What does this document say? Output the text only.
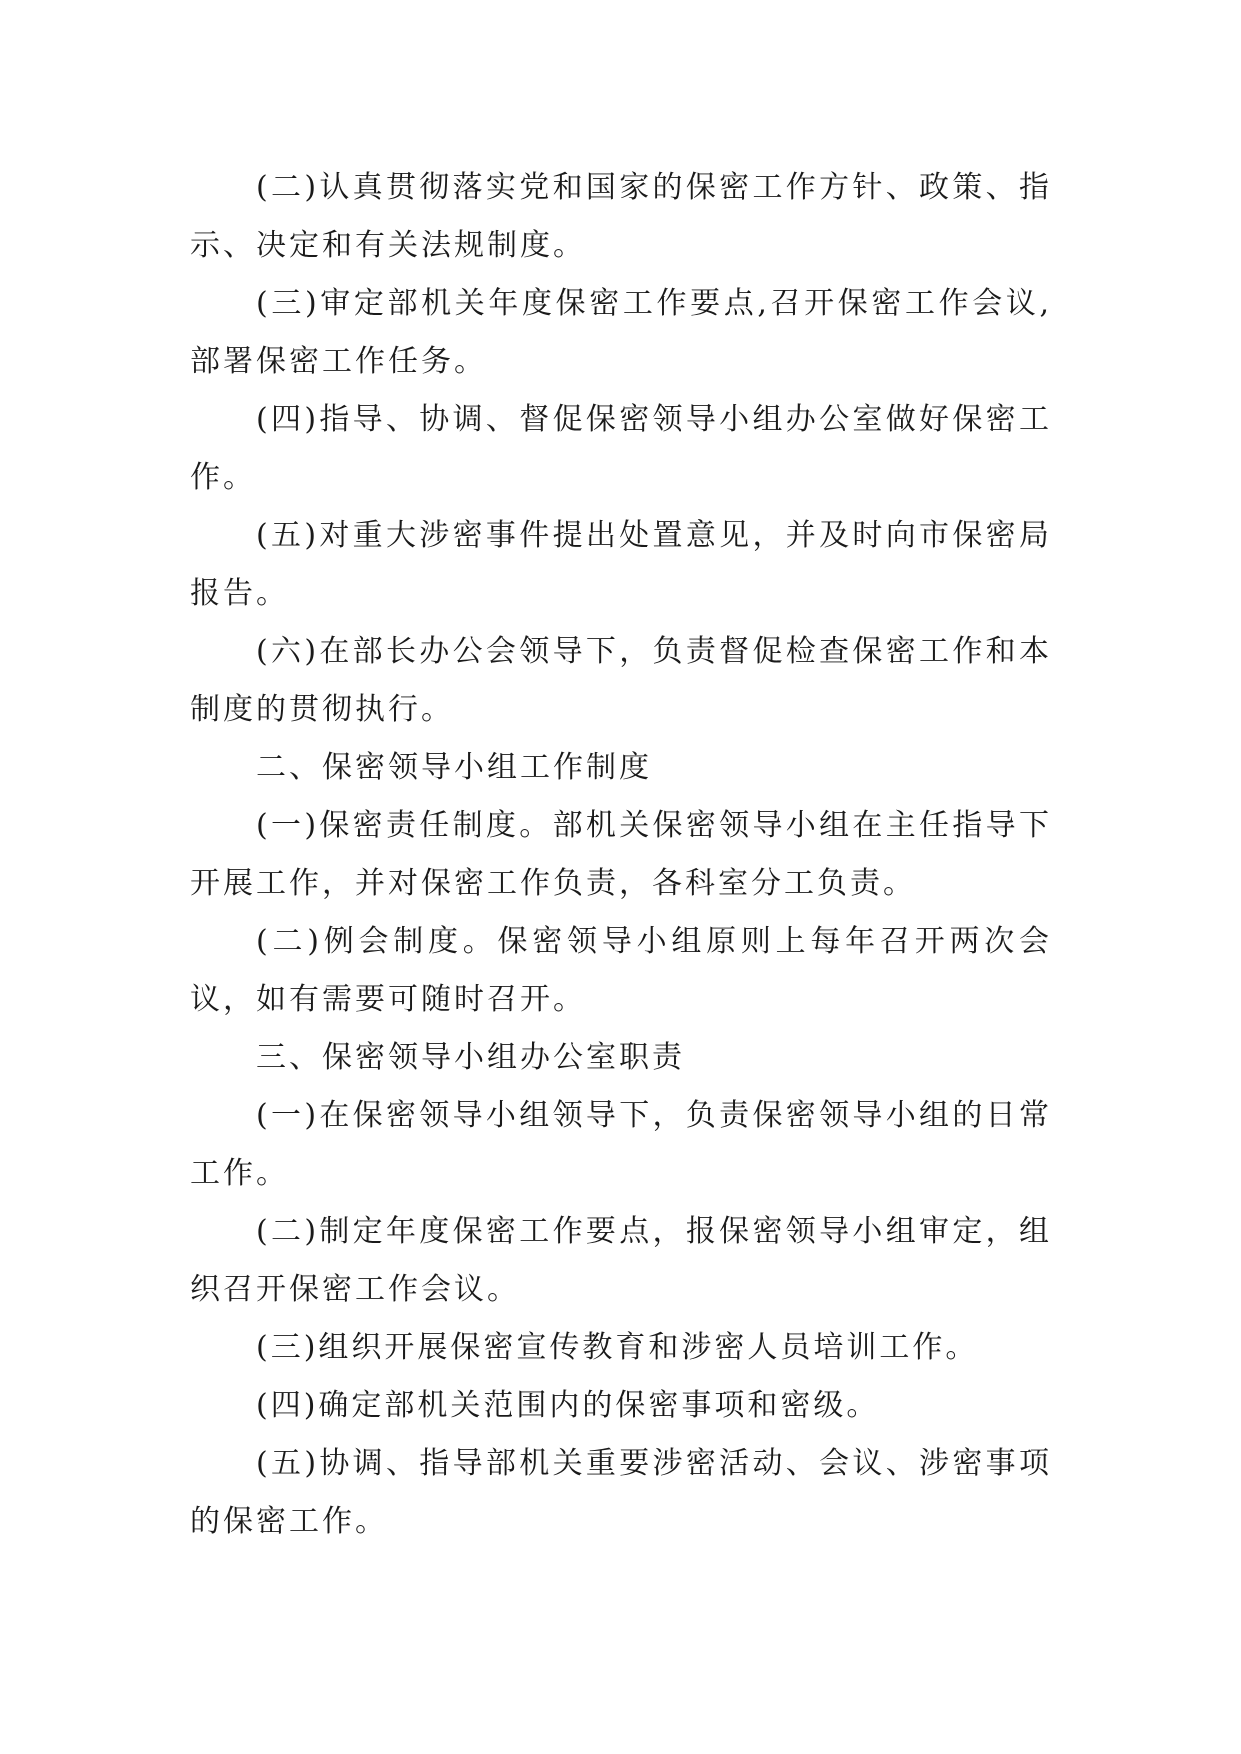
(二)认真贯彻落实党和国家的保密工作方针、政策、指示、决定和有关法规制度。

(三)审定部机关年度保密工作要点,召开保密工作会议,部署保密工作任务。

(四)指导、协调、督促保密领导小组办公室做好保密工作。

(五)对重大涉密事件提出处置意见，并及时向市保密局报告。

(六)在部长办公会领导下，负责督促检查保密工作和本制度的贯彻执行。

二、保密领导小组工作制度

(一)保密责任制度。部机关保密领导小组在主任指导下开展工作，并对保密工作负责，各科室分工负责。

(二)例会制度。保密领导小组原则上每年召开两次会议，如有需要可随时召开。

三、保密领导小组办公室职责

(一)在保密领导小组领导下，负责保密领导小组的日常工作。

(二)制定年度保密工作要点，报保密领导小组审定，组织召开保密工作会议。

(三)组织开展保密宣传教育和涉密人员培训工作。

(四)确定部机关范围内的保密事项和密级。

(五)协调、指导部机关重要涉密活动、会议、涉密事项的保密工作。
